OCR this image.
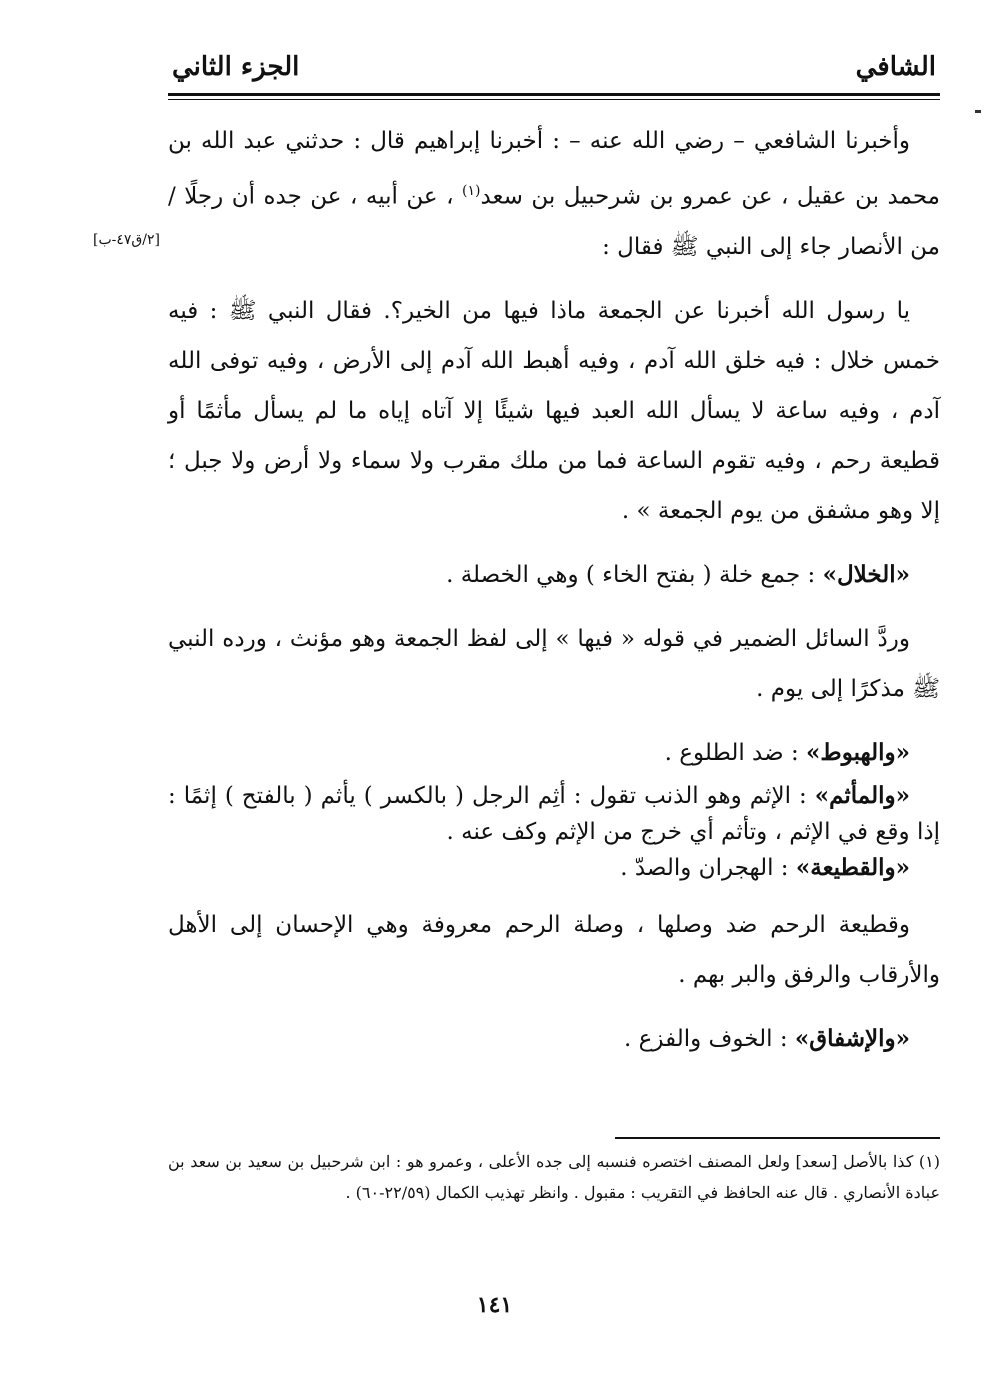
الشافي
الجزء الثاني
[٢/ق٤٧-ب]

وأخبرنا الشافعي – رضي الله عنه – : أخبرنا إبراهيم قال : حدثني عبد الله بن محمد بن عقيل ، عن عمرو بن شرحبيل بن سعد$^{(١)}$ ، عن أبيه ، عن جده أن رجلًا / من الأنصار جاء إلى النبي ﷺ فقال :

يا رسول الله أخبرنا عن الجمعة ماذا فيها من الخير؟. فقال النبي ﷺ : فيه خمس خلال : فيه خلق الله آدم ، وفيه أهبط الله آدم إلى الأرض ، وفيه توفى الله آدم ، وفيه ساعة لا يسأل الله العبد فيها شيئًا إلا آتاه إياه ما لم يسأل مأثمًا أو قطيعة رحم ، وفيه تقوم الساعة فما من ملك مقرب ولا سماء ولا أرض ولا جبل ؛ إلا وهو مشفق من يوم الجمعة » .

«الخلال» : جمع خلة ( بفتح الخاء ) وهي الخصلة .

وردَّ السائل الضمير في قوله « فيها » إلى لفظ الجمعة وهو مؤنث ، ورده النبي ﷺ مذكرًا إلى يوم .

«والهبوط» : ضد الطلوع .

«والمأثم» : الإثم وهو الذنب تقول : أثِم الرجل ( بالكسر ) يأثم ( بالفتح ) إثمًا : إذا وقع في الإثم ، وتأثم أي خرج من الإثم وكف عنه .

«والقطيعة» : الهجران والصدّ .

وقطيعة الرحم ضد وصلها ، وصلة الرحم معروفة وهي الإحسان إلى الأهل والأرقاب والرفق والبر بهم .

«والإشفاق» : الخوف والفزع .

(١) كذا بالأصل [سعد] ولعل المصنف اختصره فنسبه إلى جده الأعلى ، وعمرو هو : ابن شرحبيل بن سعيد بن سعد بن عبادة الأنصاري . قال عنه الحافظ في التقريب : مقبول . وانظر تهذيب الكمال (٢٢/٥٩-٦٠) .

١٤١
